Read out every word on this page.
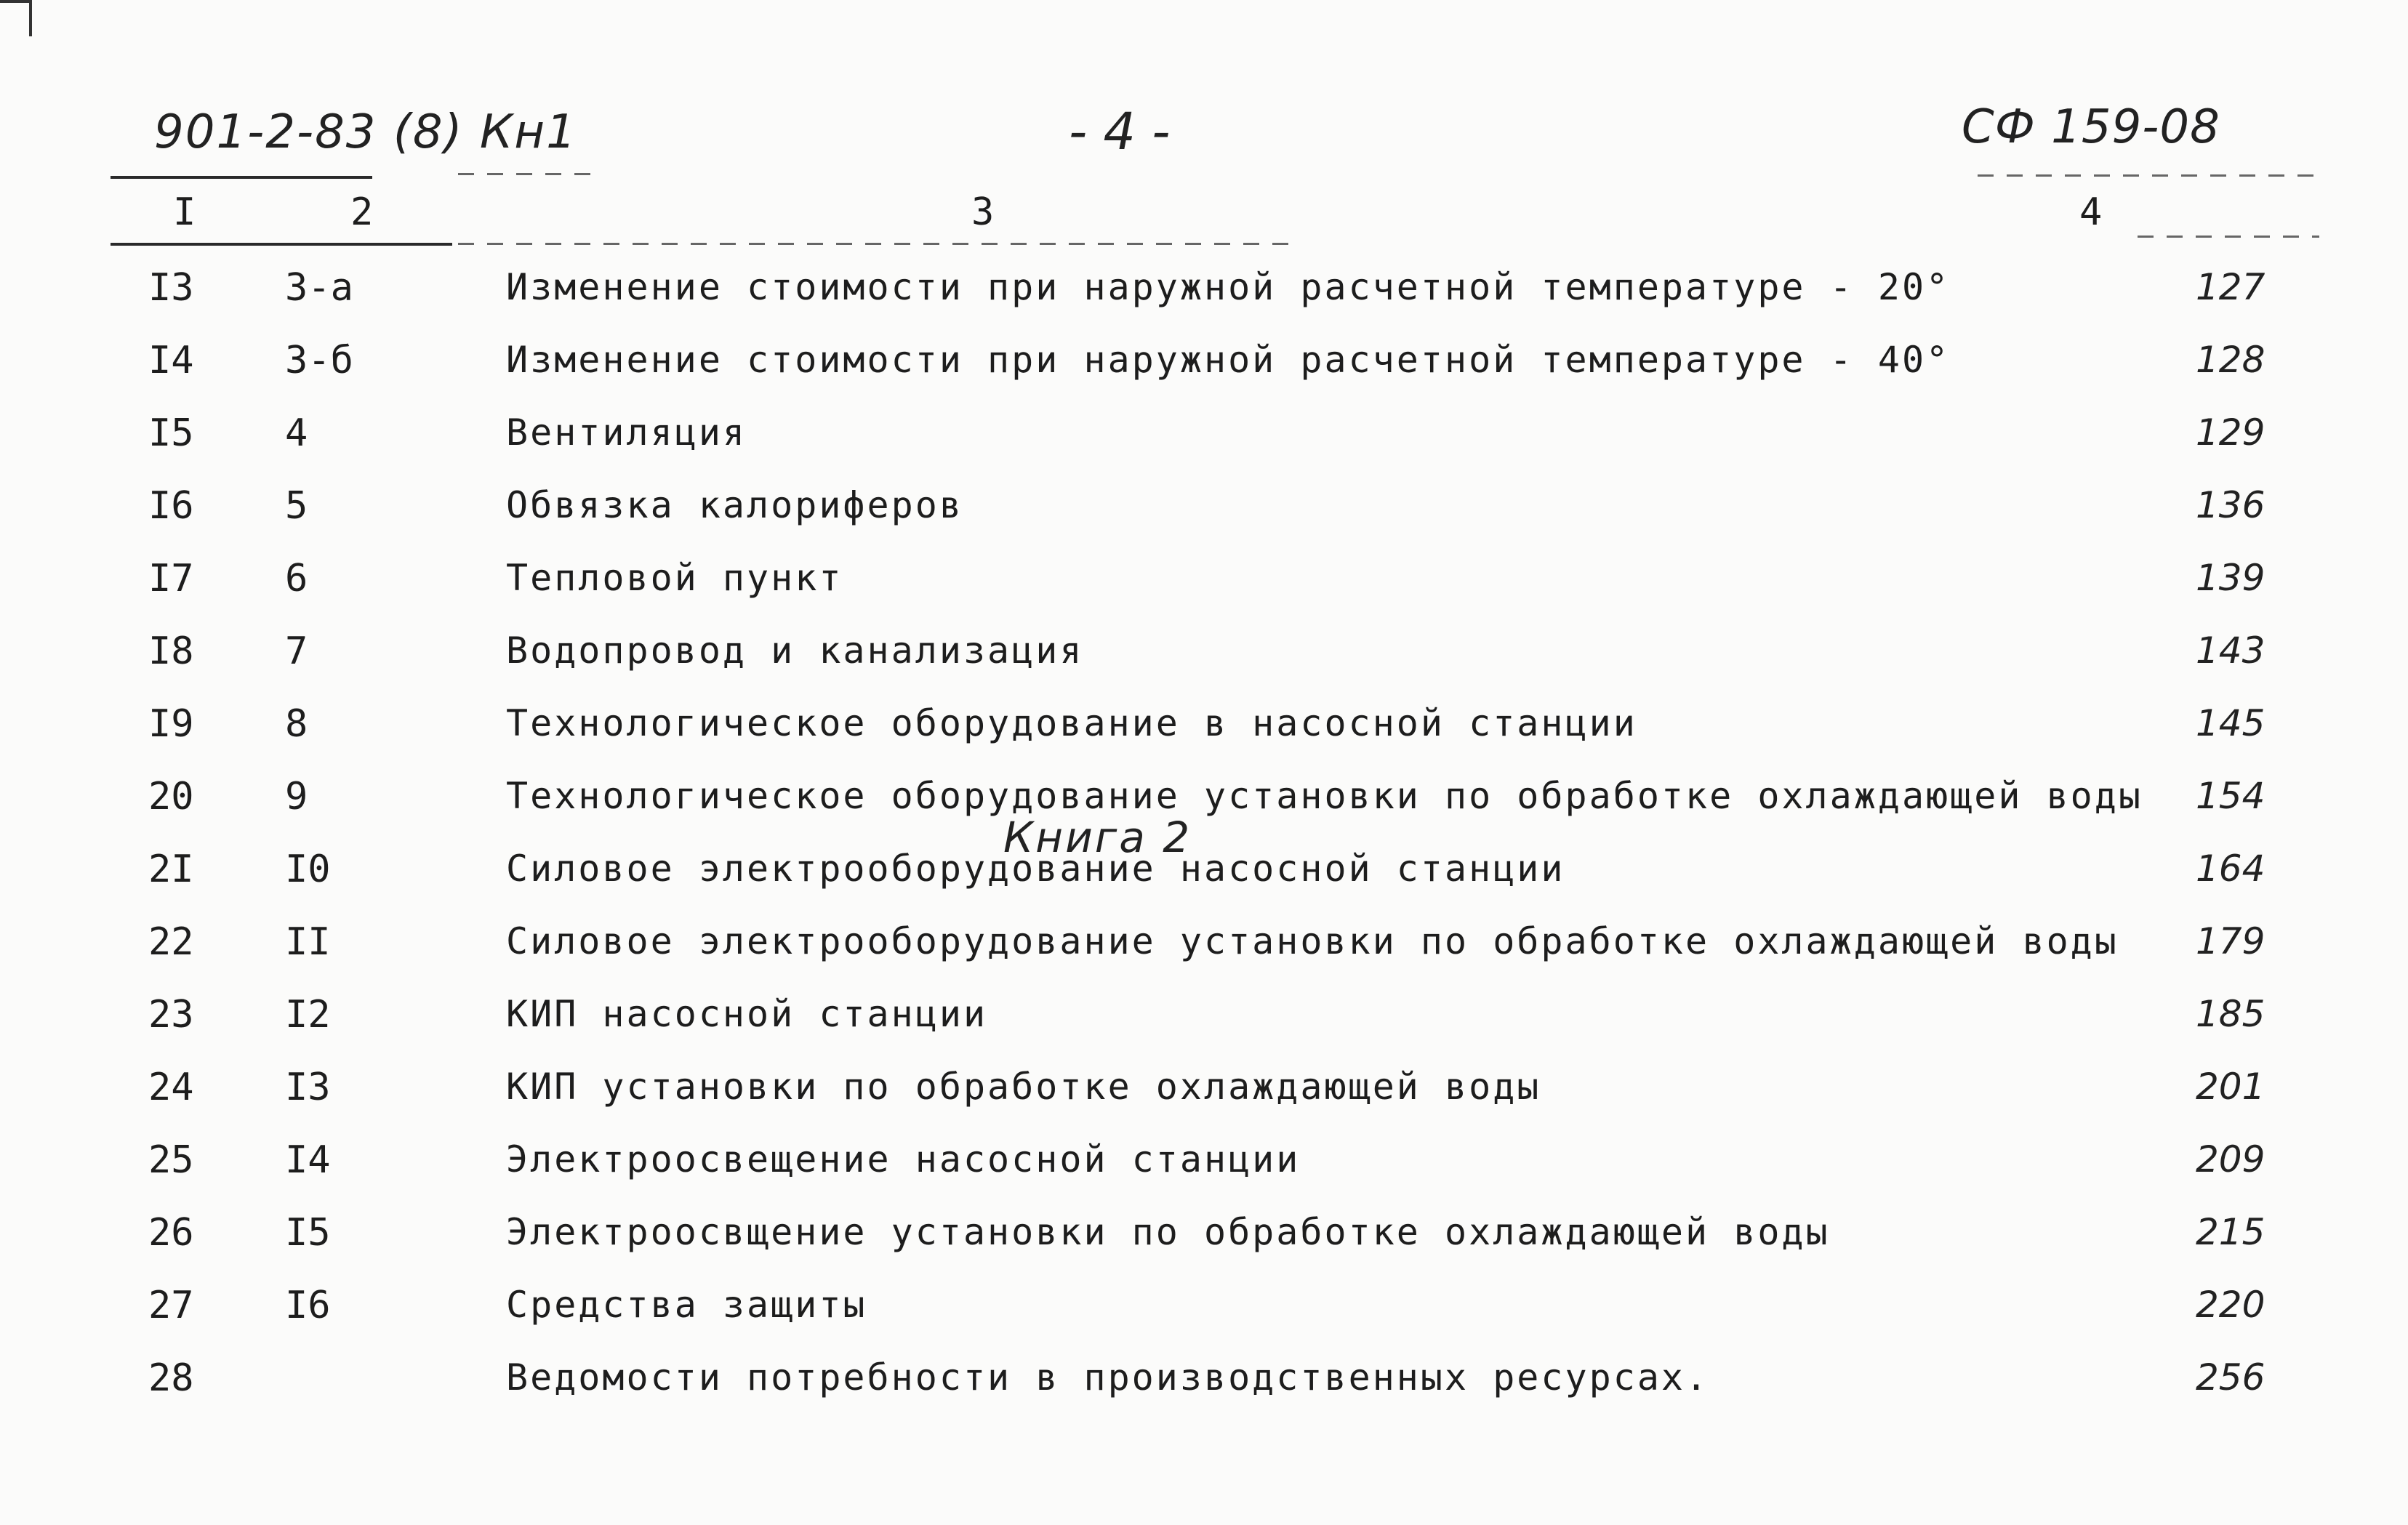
901-2-83 (8) Кн1	- 4 -	СФ 159-08
I	2	3	4
Книга 2
I3 3-а	Изменение стоимости при наружной расчетной температуре - 20°	127
I4 3-б	Изменение стоимости при наружной расчетной температуре - 40°	128
I5 4	Вентиляция	129
I6 5	Обвязка калориферов	136
I7 6	Тепловой пункт	139
I8 7	Водопровод и канализация	143
I9 8	Технологическое оборудование в насосной станции	145
20 9	Технологическое оборудование установки по обработке охлаждающей воды 154
2I I0	Силовое электрооборудование насосной станции	164
22 II	Силовое электрооборудование установки по обработке охлаждающей воды 179
23 I2	КИП насосной станции	185
24 I3	КИП установки по обработке охлаждающей воды	201
25 I4	Электроосвещение насосной станции	209
26 I5	Электроосвщение установки по обработке охлаждающей воды	215
27 I6	Средства защиты	220
28	Ведомости потребности в производственных ресурсах.	256
